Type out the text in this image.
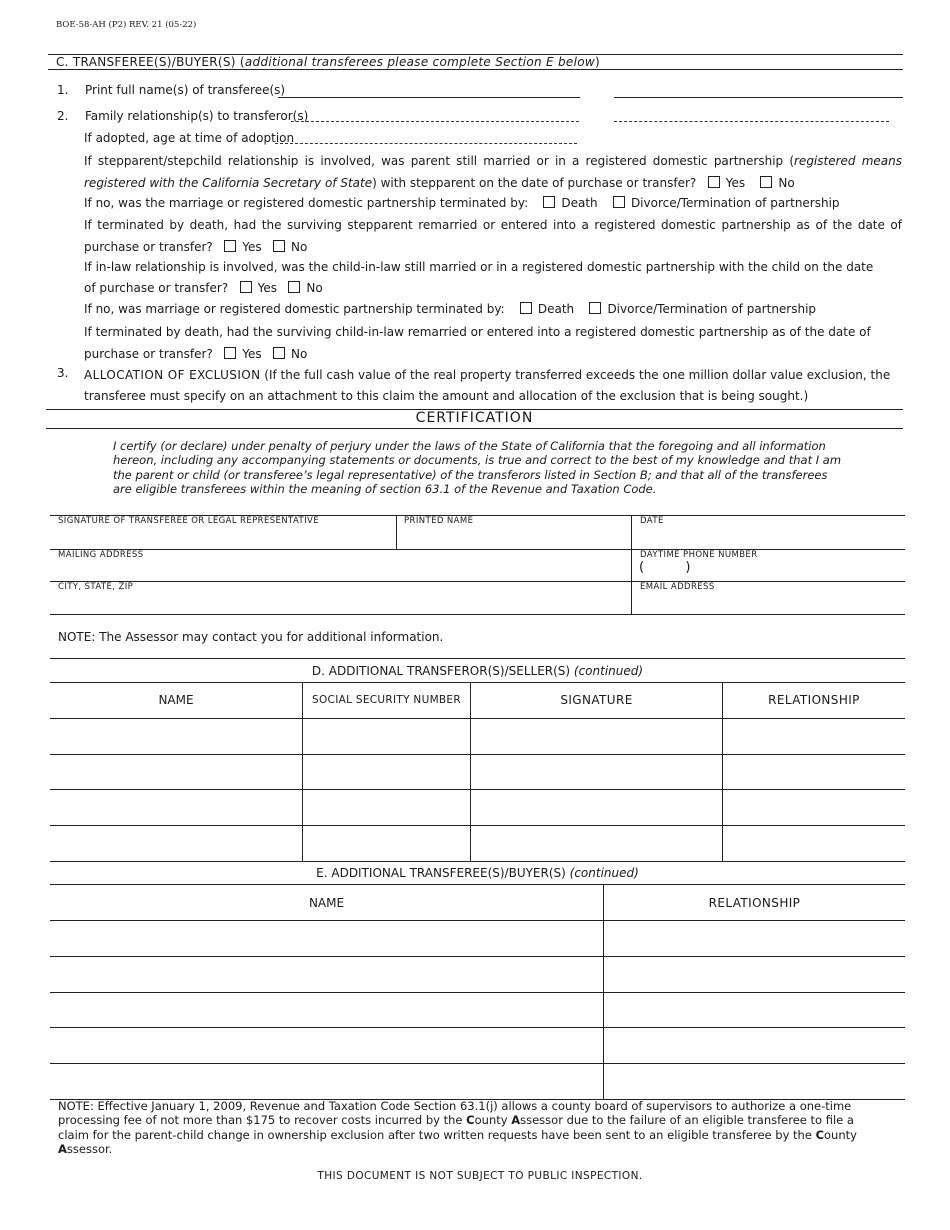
BOE-58-AH (P2) REV. 21 (05-22)
C. TRANSFEREE(S)/BUYER(S) (additional transferees please complete Section E below)
1. Print full name(s) of transferee(s)
2. Family relationship(s) to transferor(s)
If adopted, age at time of adoption
If stepparent/stepchild relationship is involved, was parent still married or in a registered domestic partnership (registered means registered with the California Secretary of State) with stepparent on the date of purchase or transfer? Yes	No
If no, was the marriage or registered domestic partnership terminated by:	Death	Divorce/Termination of partnership
If terminated by death, had the surviving stepparent remarried or entered into a registered domestic partnership as of the date of purchase or transfer? Yes No
If in-law relationship is involved, was the child-in-law still married or in a registered domestic partnership with the child on the date of purchase or transfer? Yes No
If no, was marriage or registered domestic partnership terminated by:	Death	Divorce/Termination of partnership
If terminated by death, had the surviving child-in-law remarried or entered into a registered domestic partnership as of the date of purchase or transfer? Yes No
3. ALLOCATION OF EXCLUSION (If the full cash value of the real property transferred exceeds the one million dollar value exclusion, the transferee must specify on an attachment to this claim the amount and allocation of the exclusion that is being sought.)
CERTIFICATION
I certify (or declare) under penalty of perjury under the laws of the State of California that the foregoing and all information hereon, including any accompanying statements or documents, is true and correct to the best of my knowledge and that I am the parent or child (or transferee’s legal representative) of the transferors listed in Section B; and that all of the transferees are eligible transferees within the meaning of section 63.1 of the Revenue and Taxation Code.
SIGNATURE OF TRANSFEREE OR LEGAL REPRESENTATIVE	PRINTED NAME	DATE
MAILING ADDRESS	DAYTIME PHONE NUMBER
(          )
CITY, STATE, ZIP	EMAIL ADDRESS
NOTE: The Assessor may contact you for additional information.
D. ADDITIONAL TRANSFEROR(S)/SELLER(S) (continued)
NAME	SOCIAL SECURITY NUMBER	SIGNATURE	RELATIONSHIP
E. ADDITIONAL TRANSFEREE(S)/BUYER(S) (continued)
NAME	RELATIONSHIP
NOTE: Effective January 1, 2009, Revenue and Taxation Code Section 63.1(j) allows a county board of supervisors to authorize a one-time processing fee of not more than $175 to recover costs incurred by the County Assessor due to the failure of an eligible transferee to file a claim for the parent-child change in ownership exclusion after two written requests have been sent to an eligible transferee by the County Assessor.
THIS DOCUMENT IS NOT SUBJECT TO PUBLIC INSPECTION.
